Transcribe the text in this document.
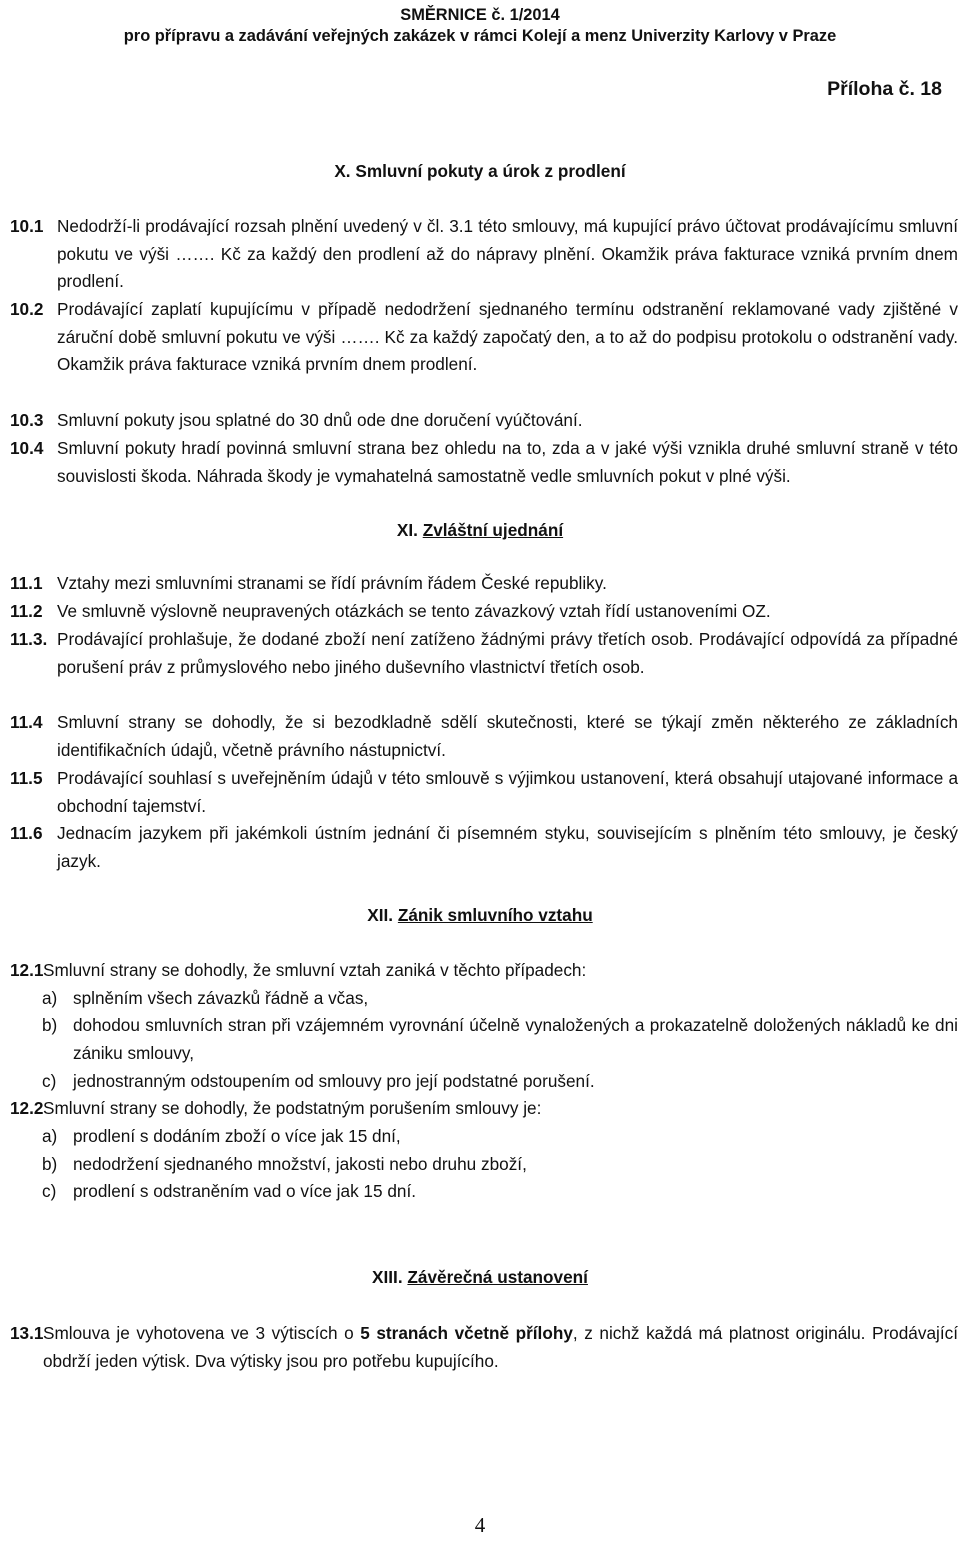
SMĚRNICE č. 1/2014
pro přípravu a zadávání veřejných zakázek v rámci Kolejí a menz Univerzity Karlovy v Praze
Příloha č. 18
X. Smluvní pokuty a úrok z prodlení
10.1 Nedodrží-li prodávající rozsah plnění uvedený v čl. 3.1 této smlouvy, má kupující právo účtovat prodávajícímu smluvní pokutu ve výši ……. Kč za každý den prodlení až do nápravy plnění. Okamžik práva fakturace vzniká prvním dnem prodlení.
10.2 Prodávající zaplatí kupujícímu v případě nedodržení sjednaného termínu odstranění reklamované vady zjištěné v záruční době smluvní pokutu ve výši ……. Kč za každý započatý den, a to až do podpisu protokolu o odstranění vady. Okamžik práva fakturace vzniká prvním dnem prodlení.
10.3 Smluvní pokuty jsou splatné do 30 dnů ode dne doručení vyúčtování.
10.4 Smluvní pokuty hradí povinná smluvní strana bez ohledu na to, zda a v jaké výši vznikla druhé smluvní straně v této souvislosti škoda. Náhrada škody je vymahatelná samostatně vedle smluvních pokut v plné výši.
XI. Zvláštní ujednání
11.1 Vztahy mezi smluvními stranami se řídí právním řádem České republiky.
11.2 Ve smluvně výslovně neupravených otázkách se tento závazkový vztah řídí ustanoveními OZ.
11.3. Prodávající prohlašuje, že dodané zboží není zatíženo žádnými právy třetích osob. Prodávající odpovídá za případné porušení práv z průmyslového nebo jiného duševního vlastnictví třetích osob.
11.4 Smluvní strany se dohodly, že si bezodkladně sdělí skutečnosti, které se týkají změn některého ze základních identifikačních údajů, včetně právního nástupnictví.
11.5 Prodávající souhlasí s uveřejněním údajů v této smlouvě s výjimkou ustanovení, která obsahují utajované informace a obchodní tajemství.
11.6 Jednacím jazykem při jakémkoli ústním jednání či písemném styku, souvisejícím s plněním této smlouvy, je český jazyk.
XII. Zánik smluvního vztahu
12.1 Smluvní strany se dohodly, že smluvní vztah zaniká v těchto případech:
a) splněním všech závazků řádně a včas,
b) dohodou smluvních stran při vzájemném vyrovnání účelně vynaložených a prokazatelně doložených nákladů ke dni zániku smlouvy,
c) jednostranným odstoupením od smlouvy pro její podstatné porušení.
12.2 Smluvní strany se dohodly, že podstatným porušením smlouvy je:
a) prodlení s dodáním zboží o více jak 15 dní,
b) nedodržení sjednaného množství, jakosti nebo druhu zboží,
c) prodlení s odstraněním vad o více jak 15 dní.
XIII. Závěrečná ustanovení
13.1 Smlouva je vyhotovena ve 3 výtiscích o 5 stranách včetně přílohy, z nichž každá má platnost originálu. Prodávající obdrží jeden výtisk. Dva výtisky jsou pro potřebu kupujícího.
4
